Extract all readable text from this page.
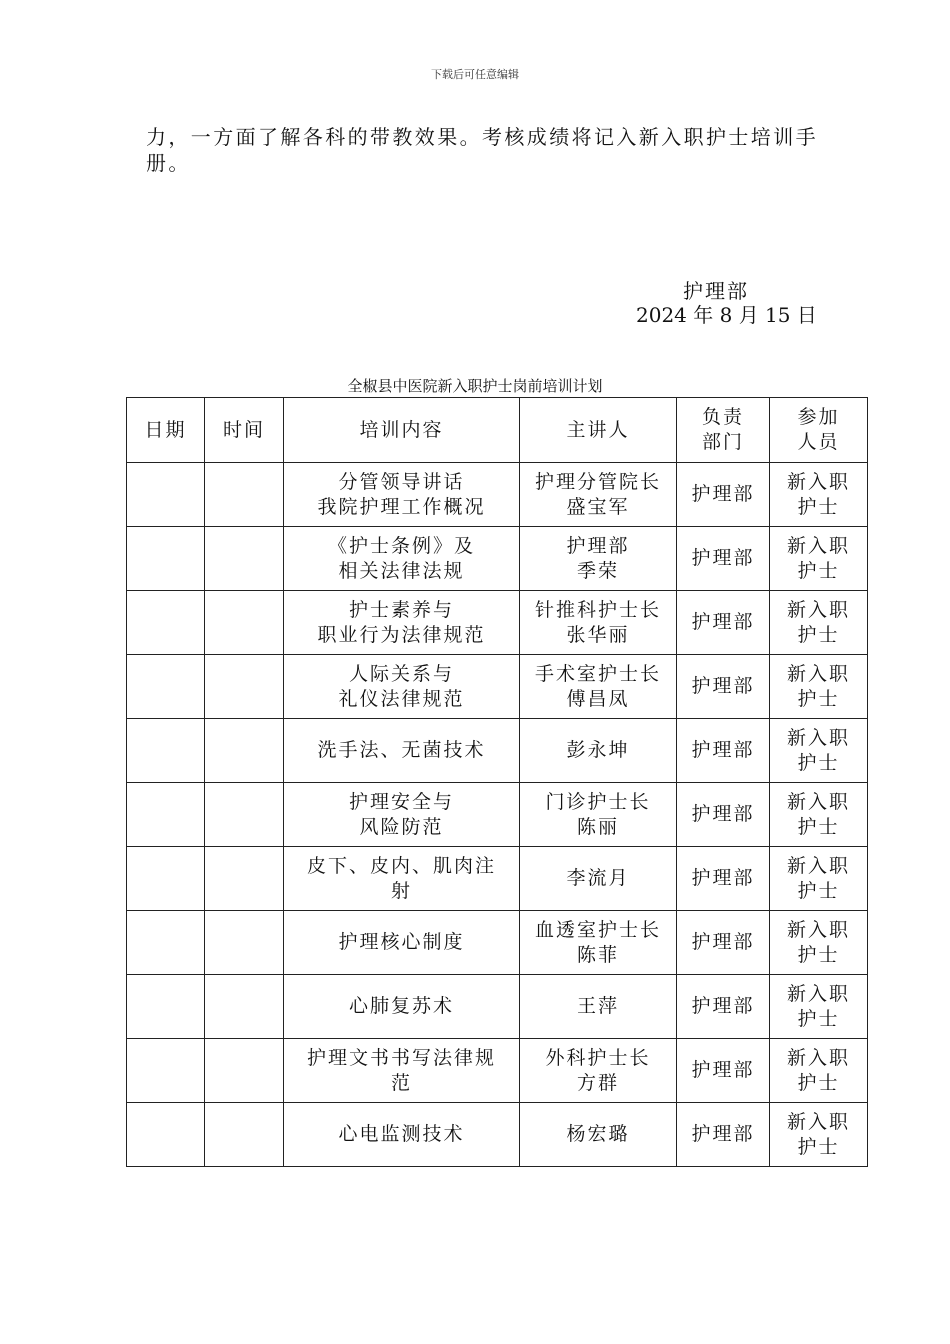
下载后可任意编辑
力，一方面了解各科的带教效果。考核成绩将记入新入职护士培训手册。
护理部
2024 年 8 月 15 日
全椒县中医院新入职护士岗前培训计划
日期	时间	培训内容	主讲人	负责
部门	参加
人员
		分管领导讲话
我院护理工作概况	护理分管院长
盛宝军	护理部	新入职
护士
		《护士条例》及
相关法律法规	护理部
季荣	护理部	新入职
护士
		护士素养与
职业行为法律规范	针推科护士长
张华丽	护理部	新入职
护士
		人际关系与
礼仪法律规范	手术室护士长
傅昌凤	护理部	新入职
护士
		洗手法、无菌技术	彭永坤	护理部	新入职
护士
		护理安全与
风险防范	门诊护士长
陈丽	护理部	新入职
护士
		皮下、皮内、肌肉注
射	李流月	护理部	新入职
护士
		护理核心制度	血透室护士长
陈菲	护理部	新入职
护士
		心肺复苏术	王萍	护理部	新入职
护士
		护理文书书写法律规
范	外科护士长
方群	护理部	新入职
护士
		心电监测技术	杨宏璐	护理部	新入职
护士
